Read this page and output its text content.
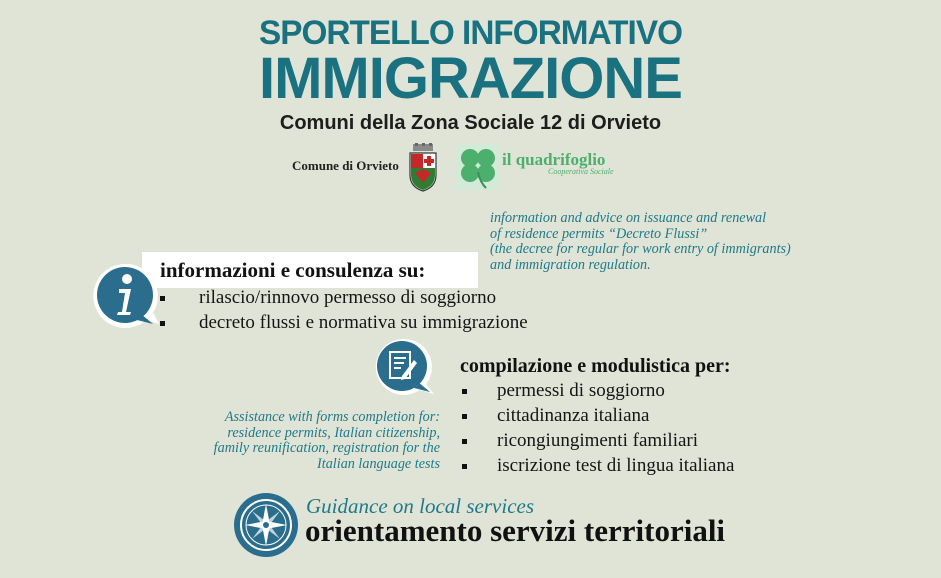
SPORTELLO INFORMATIVO
IMMIGRAZIONE
Comuni della Zona Sociale 12 di Orvieto
Comune di Orvieto	il quadrifoglio
Cooperativa Sociale
information and advice on issuance and renewal
of residence permits “Decreto Flussi”
(the decree for regular for work entry of immigrants)
and immigration regulation.
informazioni e consulenza su:
rilascio/rinnovo permesso di soggiorno
decreto flussi e normativa su immigrazione
compilazione e modulistica per:
permessi di soggiorno
cittadinanza italiana
ricongiungimenti familiari
iscrizione test di lingua italiana
Assistance with forms completion for:
residence permits, Italian citizenship,
family reunification, registration for the
Italian language tests
Guidance on local services
orientamento servizi territoriali
